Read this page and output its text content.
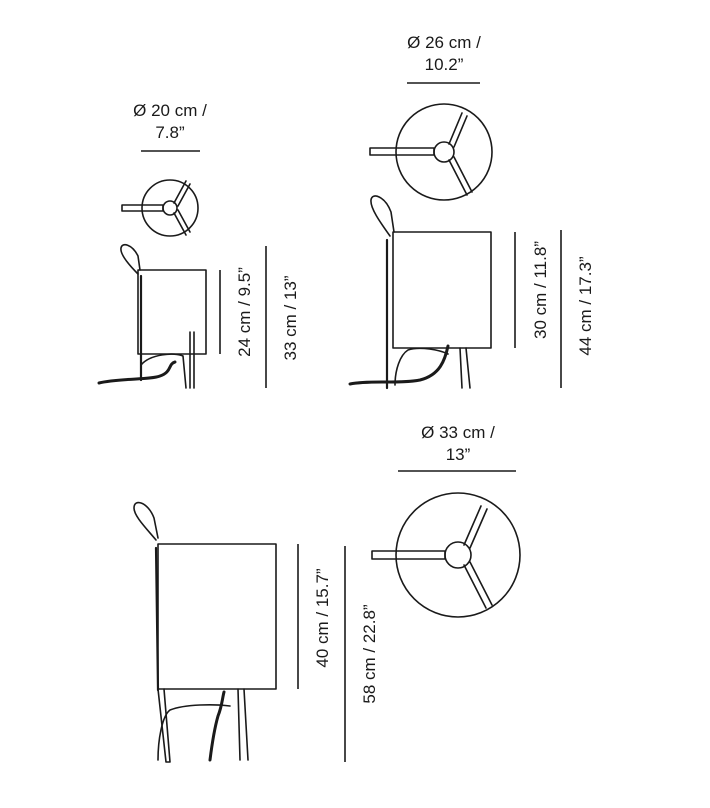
Ø 20 cm /
7.8”
24 cm / 9.5” 33 cm / 13”
Ø 26 cm /
10.2”
30 cm / 11.8” 44 cm / 17.3”
Ø 33 cm /
13”
40 cm / 15.7” 58 cm / 22.8”
